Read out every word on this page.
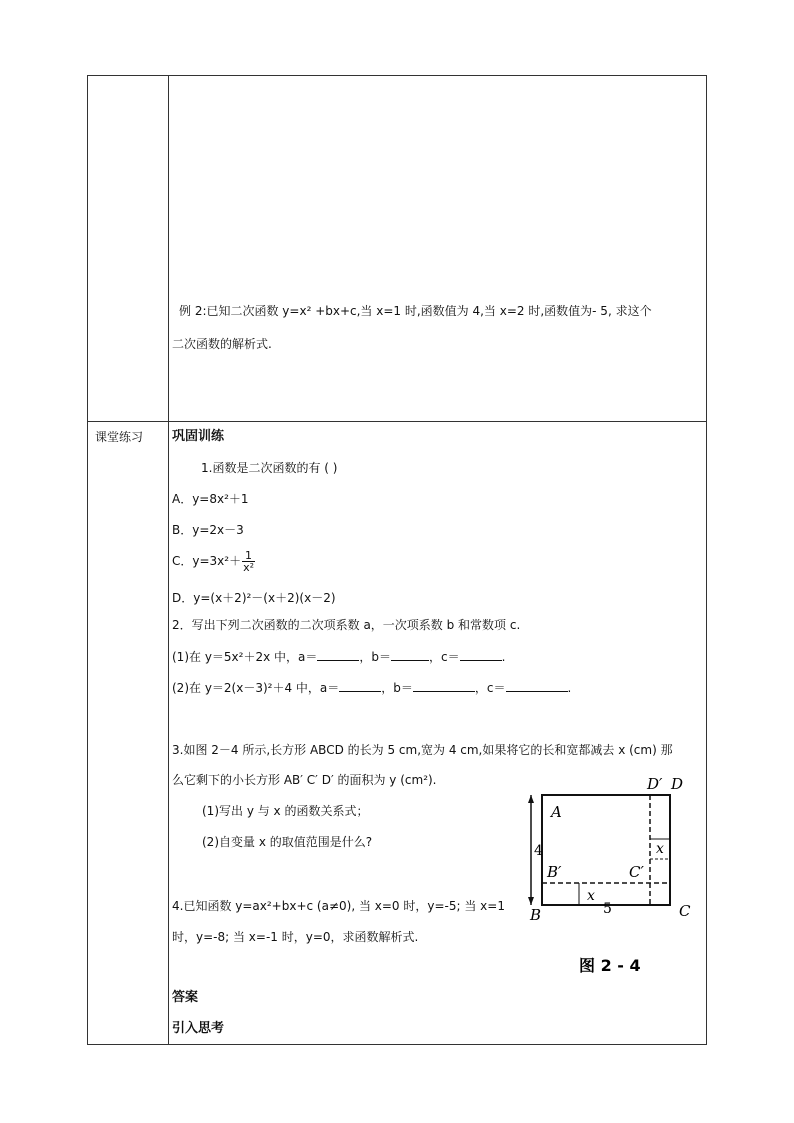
课堂练习
例 2:已知二次函数 y=x² +bx+c,当 x=1 时,函数值为 4,当 x=2 时,函数值为- 5, 求这个
二次函数的解析式.
巩固训练
1.函数是二次函数的有 ( )
A．y=8x²＋1
B．y=2x－3
C．$y=3x^2+ \frac{1}{\text{x²}}$
D．y=(x＋2)²－(x＋2)(x－2)
2．写出下列二次函数的二次项系数 a，一次项系数 b 和常数项 c.
(1)在 y＝5x²＋2x 中，a＝	，b＝	，c＝	.
(2)在 y＝2(x－3)²＋4 中，a＝	，b＝	，c＝	.
3.如图 2－4 所示,长方形 ABCD 的长为 5 cm,宽为 4 cm,如果将它的长和宽都减去 x (cm) 那
么它剩下的小长方形 AB′ C′ D′ 的面积为 y (cm²).
(1)写出 y 与 x 的函数关系式；
(2)自变量 x 的取值范围是什么?
4.已知函数 y=ax²+bx+c (a≠0), 当 x=0 时，y=-5; 当 x=1
时，y=-8; 当 x=-1 时，y=0，求函数解析式.
答案
引入思考
A
B	C
D
D′
B′	C′
x
x
4
5
图 2 - 4
